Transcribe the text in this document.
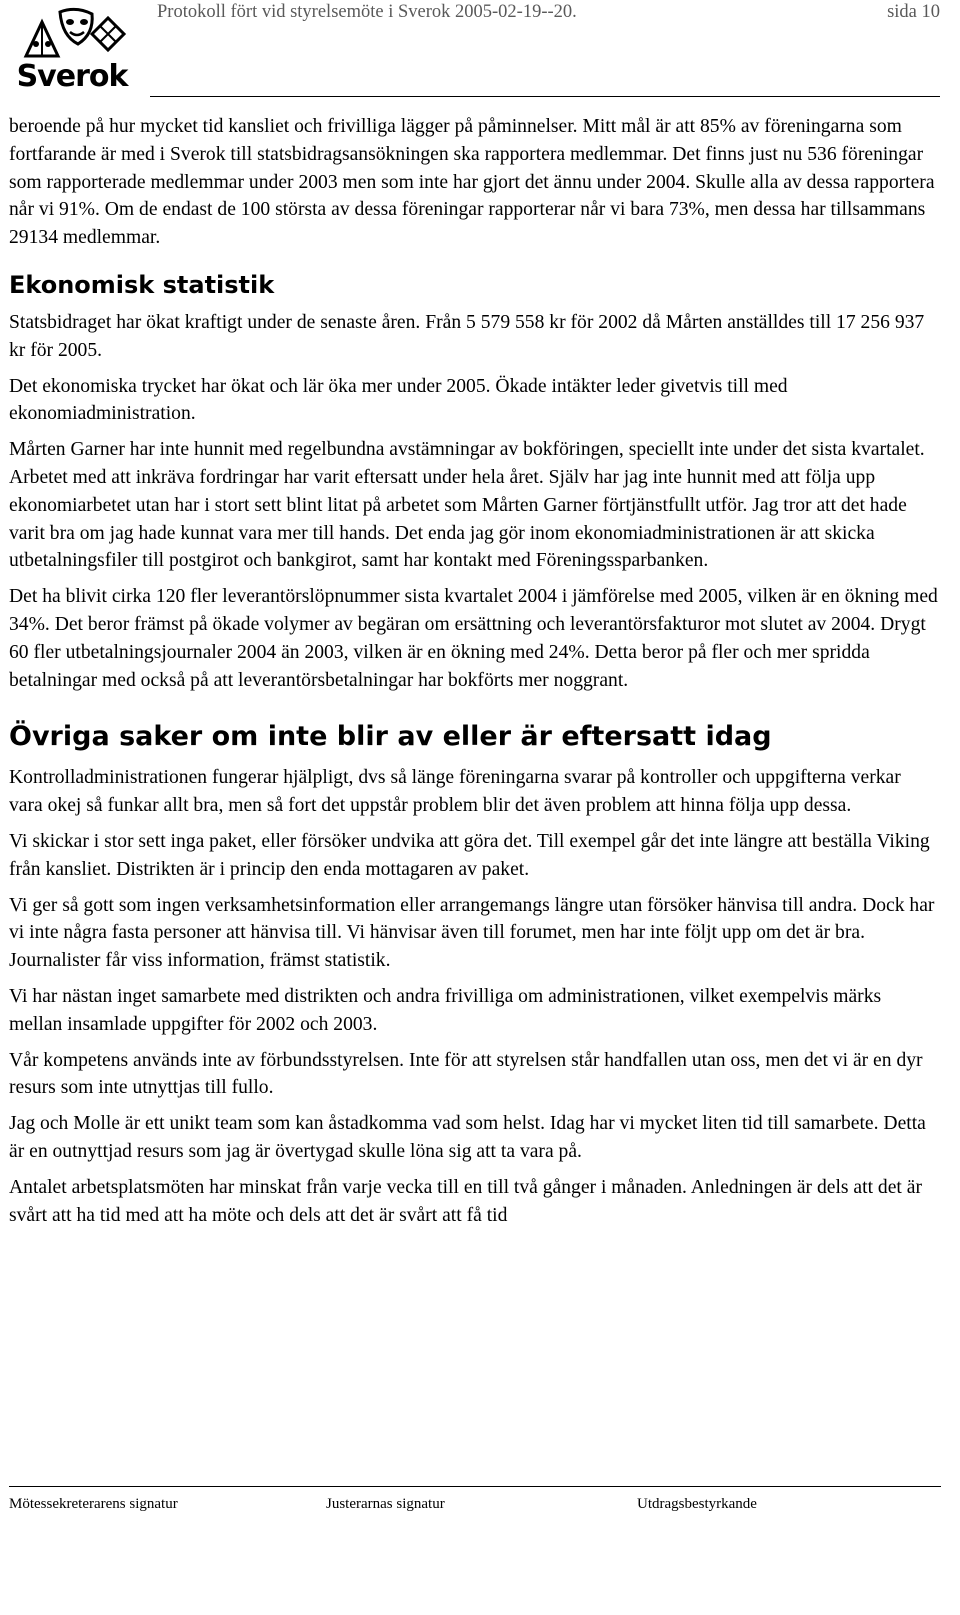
Sverok
Protokoll fört vid styrelsemöte i Sverok 2005-02-19--20.	sida 10

beroende på hur mycket tid kansliet och frivilliga lägger på påminnelser. Mitt mål är att 85% av föreningarna som fortfarande är med i Sverok till statsbidragsansökningen ska rapportera medlemmar. Det finns just nu 536 föreningar som rapporterade medlemmar under 2003 men som inte har gjort det ännu under 2004. Skulle alla av dessa rapportera når vi 91%. Om de endast de 100 största av dessa föreningar rapporterar når vi bara 73%, men dessa har tillsammans 29134 medlemmar.

Ekonomisk statistik

Statsbidraget har ökat kraftigt under de senaste åren. Från 5 579 558 kr för 2002 då Mårten anställdes till 17 256 937 kr för 2005.

Det ekonomiska trycket har ökat och lär öka mer under 2005. Ökade intäkter leder givetvis till med ekonomiadministration.

Mårten Garner har inte hunnit med regelbundna avstämningar av bokföringen, speciellt inte under det sista kvartalet. Arbetet med att inkräva fordringar har varit eftersatt under hela året. Själv har jag inte hunnit med att följa upp ekonomiarbetet utan har i stort sett blint litat på arbetet som Mårten Garner förtjänstfullt utför. Jag tror att det hade varit bra om jag hade kunnat vara mer till hands. Det enda jag gör inom ekonomiadministrationen är att skicka utbetalningsfiler till postgirot och bankgirot, samt har kontakt med Föreningssparbanken.

Det ha blivit cirka 120 fler leverantörslöpnummer sista kvartalet 2004 i jämförelse med 2005, vilken är en ökning med 34%. Det beror främst på ökade volymer av begäran om ersättning och leverantörsfakturor mot slutet av 2004. Drygt 60 fler utbetalningsjournaler 2004 än 2003, vilken är en ökning med 24%. Detta beror på fler och mer spridda betalningar med också på att leverantörsbetalningar har bokförts mer noggrant.

Övriga saker om inte blir av eller är eftersatt idag

Kontrolladministrationen fungerar hjälpligt, dvs så länge föreningarna svarar på kontroller och uppgifterna verkar vara okej så funkar allt bra, men så fort det uppstår problem blir det även problem att hinna följa upp dessa.

Vi skickar i stor sett inga paket, eller försöker undvika att göra det. Till exempel går det inte längre att beställa Viking från kansliet. Distrikten är i princip den enda mottagaren av paket.

Vi ger så gott som ingen verksamhetsinformation eller arrangemangs längre utan försöker hänvisa till andra. Dock har vi inte några fasta personer att hänvisa till. Vi hänvisar även till forumet, men har inte följt upp om det är bra. Journalister får viss information, främst statistik.

Vi har nästan inget samarbete med distrikten och andra frivilliga om administrationen, vilket exempelvis märks mellan insamlade uppgifter för 2002 och 2003.

Vår kompetens används inte av förbundsstyrelsen. Inte för att styrelsen står handfallen utan oss, men det vi är en dyr resurs som inte utnyttjas till fullo.

Jag och Molle är ett unikt team som kan åstadkomma vad som helst. Idag har vi mycket liten tid till samarbete. Detta är en outnyttjad resurs som jag är övertygad skulle löna sig att ta vara på.

Antalet arbetsplatsmöten har minskat från varje vecka till en till två gånger i månaden. Anledningen är dels att det är svårt att ha tid med att ha möte och dels att det är svårt att få tid

Mötessekreterarens signatur	Justerarnas signatur	Utdragsbestyrkande
